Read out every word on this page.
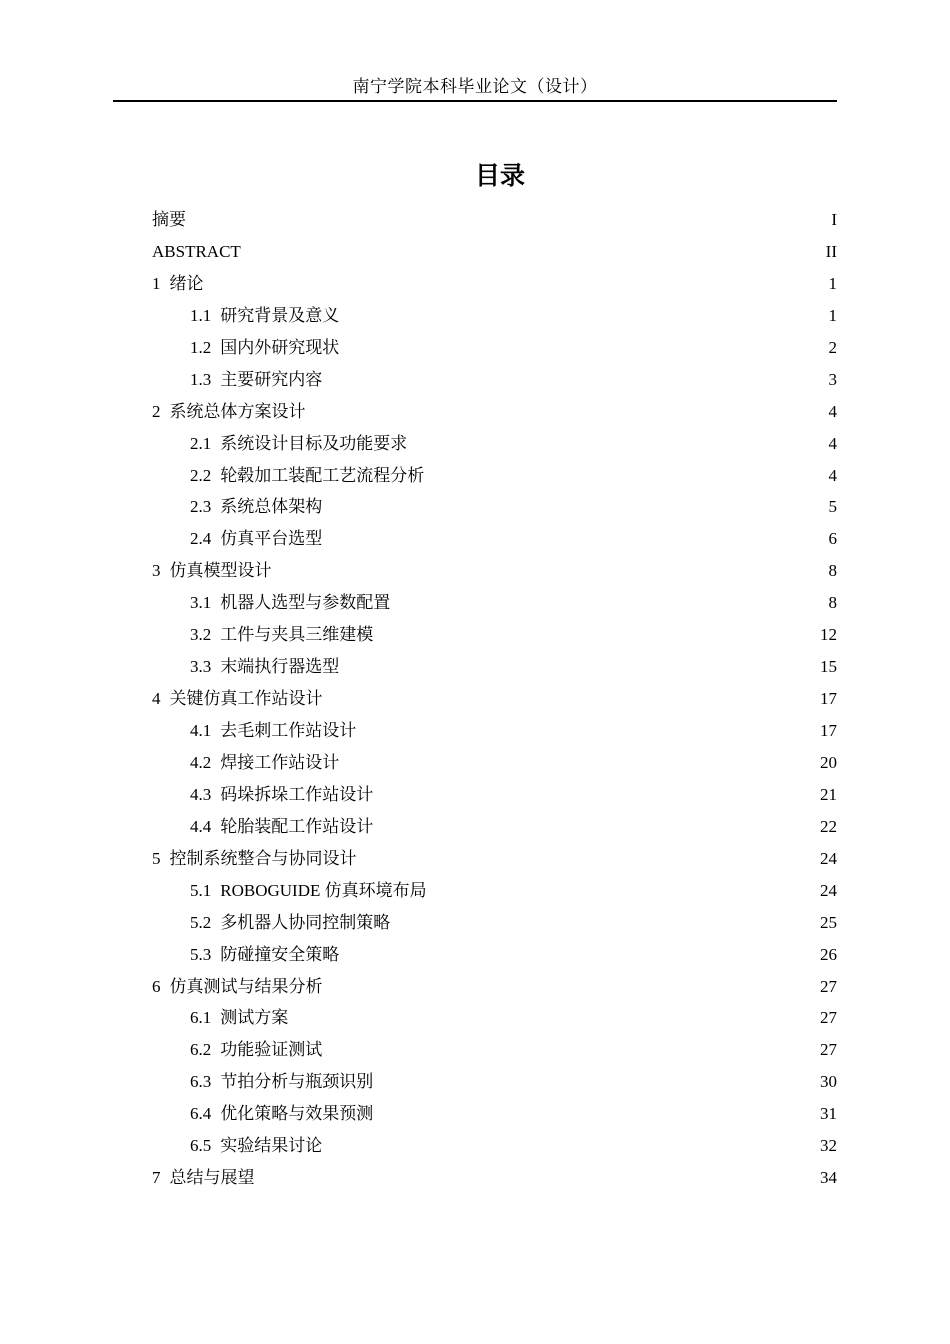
南宁学院本科毕业论文（设计）
目录
摘要	I
ABSTRACT	II
1 绪论	1
1.1 研究背景及意义	1
1.2 国内外研究现状	2
1.3 主要研究内容	3
2 系统总体方案设计	4
2.1 系统设计目标及功能要求	4
2.2 轮毂加工装配工艺流程分析	4
2.3 系统总体架构	5
2.4 仿真平台选型	6
3 仿真模型设计	8
3.1 机器人选型与参数配置	8
3.2 工件与夹具三维建模	12
3.3 末端执行器选型	15
4 关键仿真工作站设计	17
4.1 去毛刺工作站设计	17
4.2 焊接工作站设计	20
4.3 码垛拆垛工作站设计	21
4.4 轮胎装配工作站设计	22
5 控制系统整合与协同设计	24
5.1 ROBOGUIDE 仿真环境布局	24
5.2 多机器人协同控制策略	25
5.3 防碰撞安全策略	26
6 仿真测试与结果分析	27
6.1 测试方案	27
6.2 功能验证测试	27
6.3 节拍分析与瓶颈识别	30
6.4 优化策略与效果预测	31
6.5 实验结果讨论	32
7 总结与展望	34
